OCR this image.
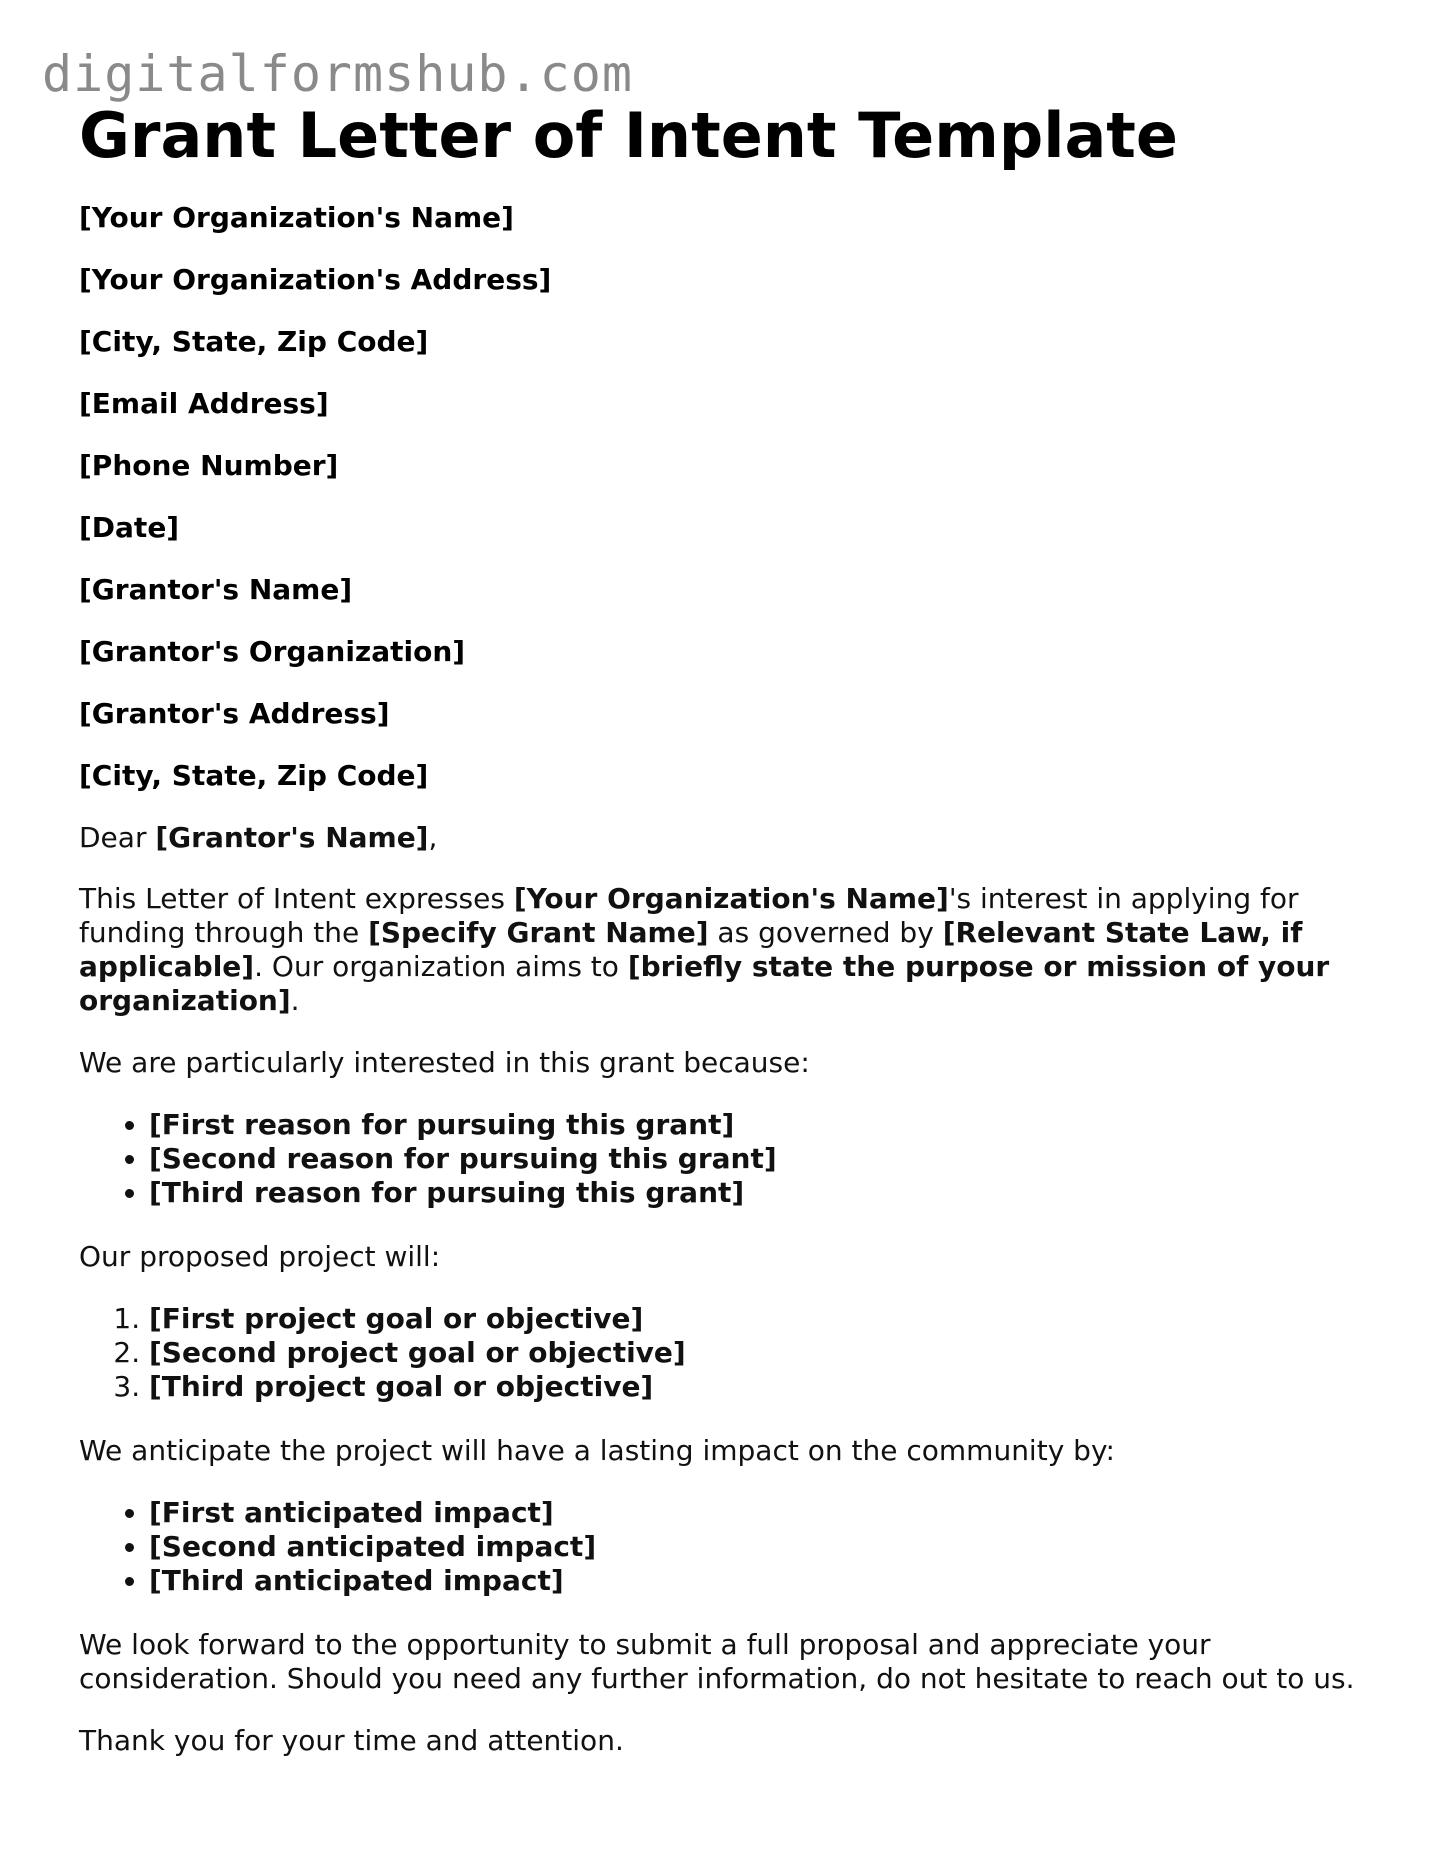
digitalformshub.com
Grant Letter of Intent Template
[Your Organization's Name]
[Your Organization's Address]
[City, State, Zip Code]
[Email Address]
[Phone Number]
[Date]
[Grantor's Name]
[Grantor's Organization]
[Grantor's Address]
[City, State, Zip Code]
Dear [Grantor's Name],

This Letter of Intent expresses [Your Organization's Name]'s interest in applying for funding through the [Specify Grant Name] as governed by [Relevant State Law, if applicable]. Our organization aims to [briefly state the purpose or mission of your organization].

We are particularly interested in this grant because:

• [First reason for pursuing this grant]
• [Second reason for pursuing this grant]
• [Third reason for pursuing this grant]

Our proposed project will:

1. [First project goal or objective]
2. [Second project goal or objective]
3. [Third project goal or objective]

We anticipate the project will have a lasting impact on the community by:

• [First anticipated impact]
• [Second anticipated impact]
• [Third anticipated impact]

We look forward to the opportunity to submit a full proposal and appreciate your consideration. Should you need any further information, do not hesitate to reach out to us.

Thank you for your time and attention.
